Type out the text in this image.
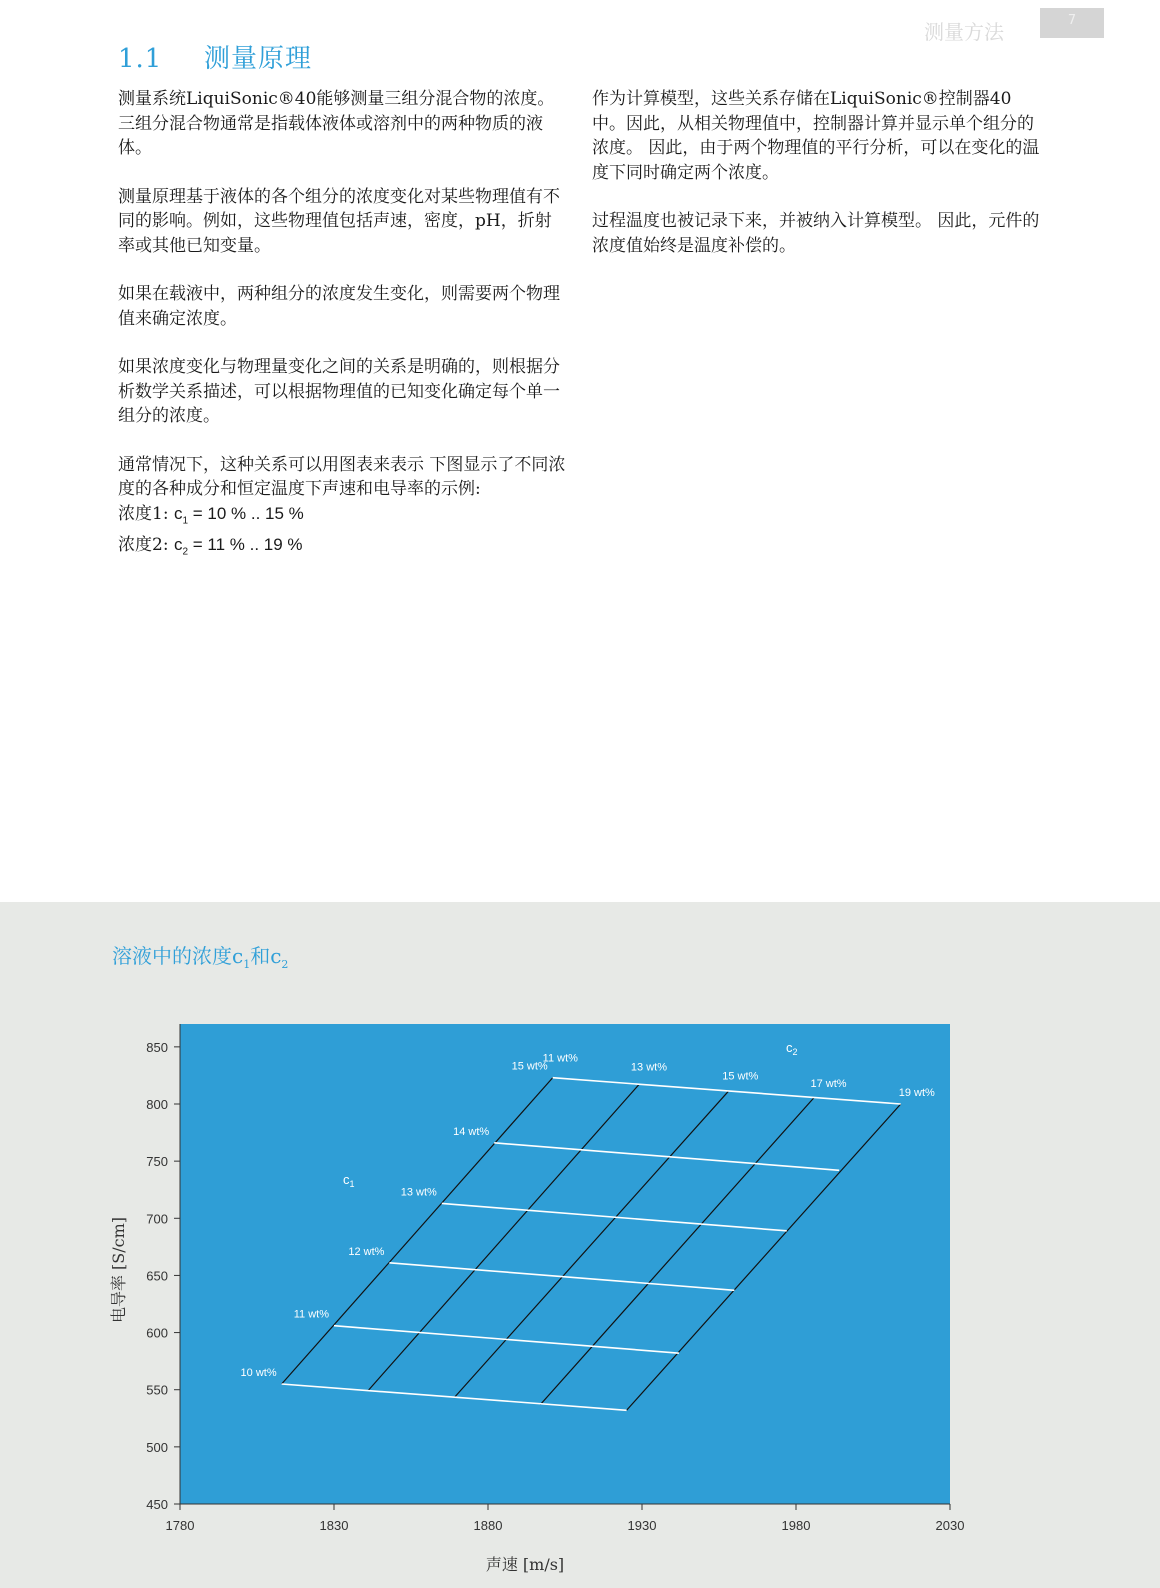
测量方法	7
1.1 测量原理

测量系统LiquiSonic®40能够测量三组分混合物的浓度。三组分混合物通常是指载体液体或溶剂中的两种物质的液体。

测量原理基于液体的各个组分的浓度变化对某些物理值有不同的影响。例如，这些物理值包括声速，密度，pH，折射率或其他已知变量。

如果在载液中，两种组分的浓度发生变化，则需要两个物理值来确定浓度。

如果浓度变化与物理量变化之间的关系是明确的，则根据分析数学关系描述，可以根据物理值的已知变化确定每个单一组分的浓度。

通常情况下，这种关系可以用图表来表示 下图显示了不同浓度的各种成分和恒定温度下声速和电导率的示例:

浓度1: $c_1 = 10$ % .. 15 %
浓度2: $c_2 = 11$ % .. 19 %

作为计算模型，这些关系存储在LiquiSonic®控制器40中。因此，从相关物理值中，控制器计算并显示单个组分的浓度。 因此，由于两个物理值的平行分析，可以在变化的温度下同时确定两个浓度。

过程温度也被记录下来，并被纳入计算模型。 因此，元件的浓度值始终是温度补偿的。

溶液中的浓度$c_1$和$c_2$
450
500
550
600
650
700
750
800
850
1780	1830	1880	1930	1980	2030
声速 [m/s]
电导率 [S/cm]
10 wt%
11 wt%
12 wt%
13 wt%
14 wt%
15 wt%
11 wt%
13 wt%
15 wt%
17 wt%
19 wt%
$c_1$
$c_2$
